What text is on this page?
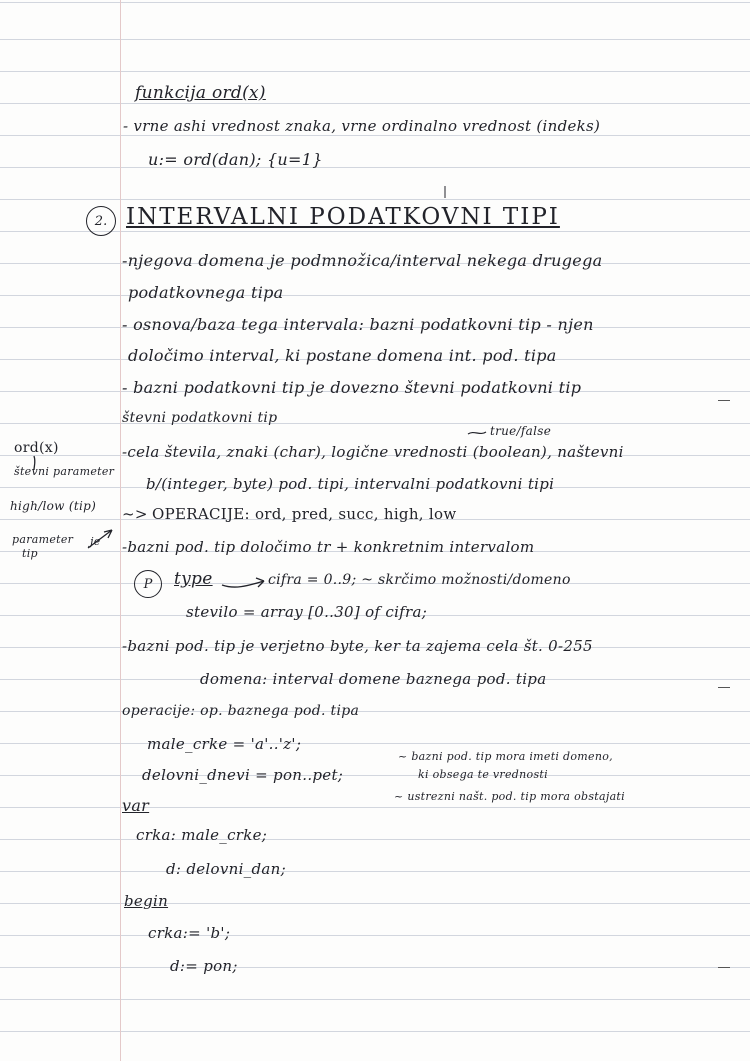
funkcija ord(x)
- vrne ashi vrednost znaka, vrne ordinalno vrednost (indeks)
u:= ord(dan); {u=1}
2. INTERVALNI PODATKOVNI TIPI
-njegova domena je podmnožica/interval nekega drugega
podatkovnega tipa
- osnova/baza tega intervala: bazni podatkovni tip - njen
določimo interval, ki postane domena int. pod. tipa
- bazni podatkovni tip je dovezno števni podatkovni tip
števni podatkovni tip
true/false
-cela števila, znaki (char), logične vrednosti (boolean), naštevni
b/(integer, byte) pod. tipi, intervalni podatkovni tipi
~> OPERACIJE: ord, pred, succ, high, low
-bazni pod. tip določimo tr + konkretnim intervalom
ord(x)
števni parameter
high/low (tip)
parameter
tip
je
P type	cifra = 0..9; ~ skrčimo možnosti/domeno
stevilo = array [0..30] of cifra;
-bazni pod. tip je verjetno byte, ker ta zajema cela št. 0-255
domena: interval domene baznega pod. tipa
operacije: op. baznega pod. tipa
male_crke = 'a'..'z';
delovni_dnevi = pon..pet;
~ bazni pod. tip mora imeti domeno,
ki obsega te vrednosti
~ ustrezni našt. pod. tip mora obstajati
var
crka: male_crke;
d: delovni_dan;
begin
crka:= 'b';
d:= pon;
